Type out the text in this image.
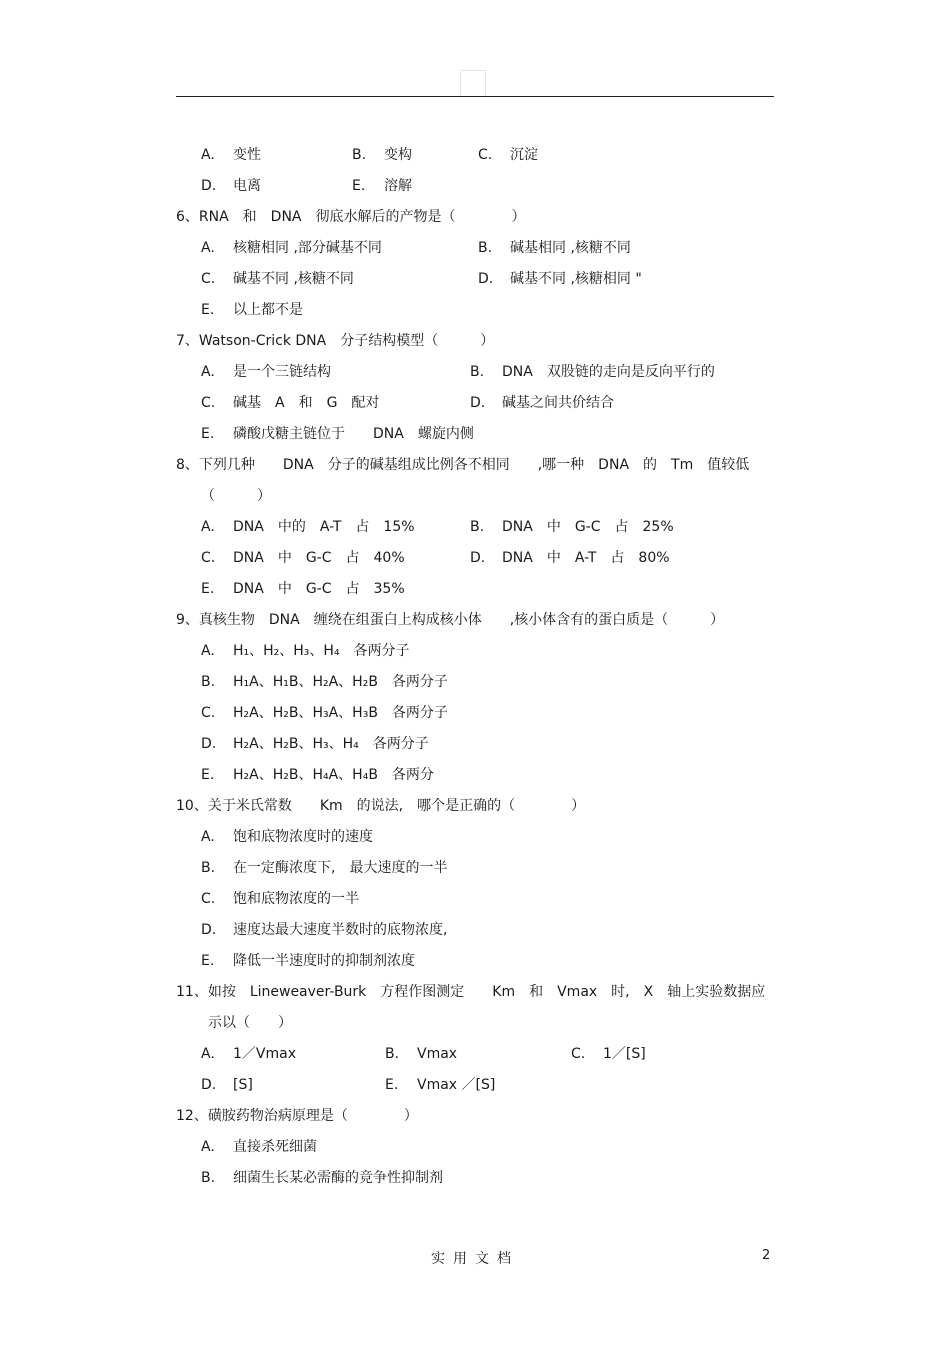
A. 变性	B. 变构	C. 沉淀
D. 电离	E. 溶解
6、RNA　和　DNA　彻底水解后的产物是（　　　　）
A. 核糖相同 ,部分碱基不同	B. 碱基相同 ,核糖不同
C. 碱基不同 ,核糖不同	D. 碱基不同 ,核糖相同 "
E. 以上都不是
7、Watson-Crick DNA　分子结构模型（　　　）
A. 是一个三链结构	B. DNA　双股链的走向是反向平行的
C. 碱基　A　和　G　配对	D. 碱基之间共价结合
E. 磷酸戊糖主链位于　　DNA　螺旋内侧
8、下列几种　　DNA　分子的碱基组成比例各不相同　　,哪一种　DNA　的　Tm　值较低
（　　　）
A. DNA　中的　A-T　占　15%	B. DNA　中　G-C　占　25%
C. DNA　中　G-C　占　40%	D. DNA　中　A-T　占　80%
E. DNA　中　G-C　占　35%
9、真核生物　DNA　缠绕在组蛋白上构成核小体　　,核小体含有的蛋白质是（　　　）
A. H₁、H₂、H₃、H₄　各两分子
B. H₁A、H₁B、H₂A、H₂B　各两分子
C. H₂A、H₂B、H₃A、H₃B　各两分子
D. H₂A、H₂B、H₃、H₄　各两分子
E. H₂A、H₂B、H₄A、H₄B　各两分
10、关于米氏常数　　Km　的说法,　哪个是正确的（　　　　）
A. 饱和底物浓度时的速度
B. 在一定酶浓度下,　最大速度的一半
C. 饱和底物浓度的一半
D. 速度达最大速度半数时的底物浓度,
E. 降低一半速度时的抑制剂浓度
11、如按　Lineweaver-Burk　方程作图测定　　Km　和　Vmax　时,　X　轴上实验数据应
示以（　　）
A. 1／Vmax	B. Vmax	C. 1／[S]
D. [S]	E. Vmax ／[S]
12、磺胺药物治病原理是（　　　　）
A. 直接杀死细菌
B. 细菌生长某必需酶的竞争性抑制剂
实用文档	2
